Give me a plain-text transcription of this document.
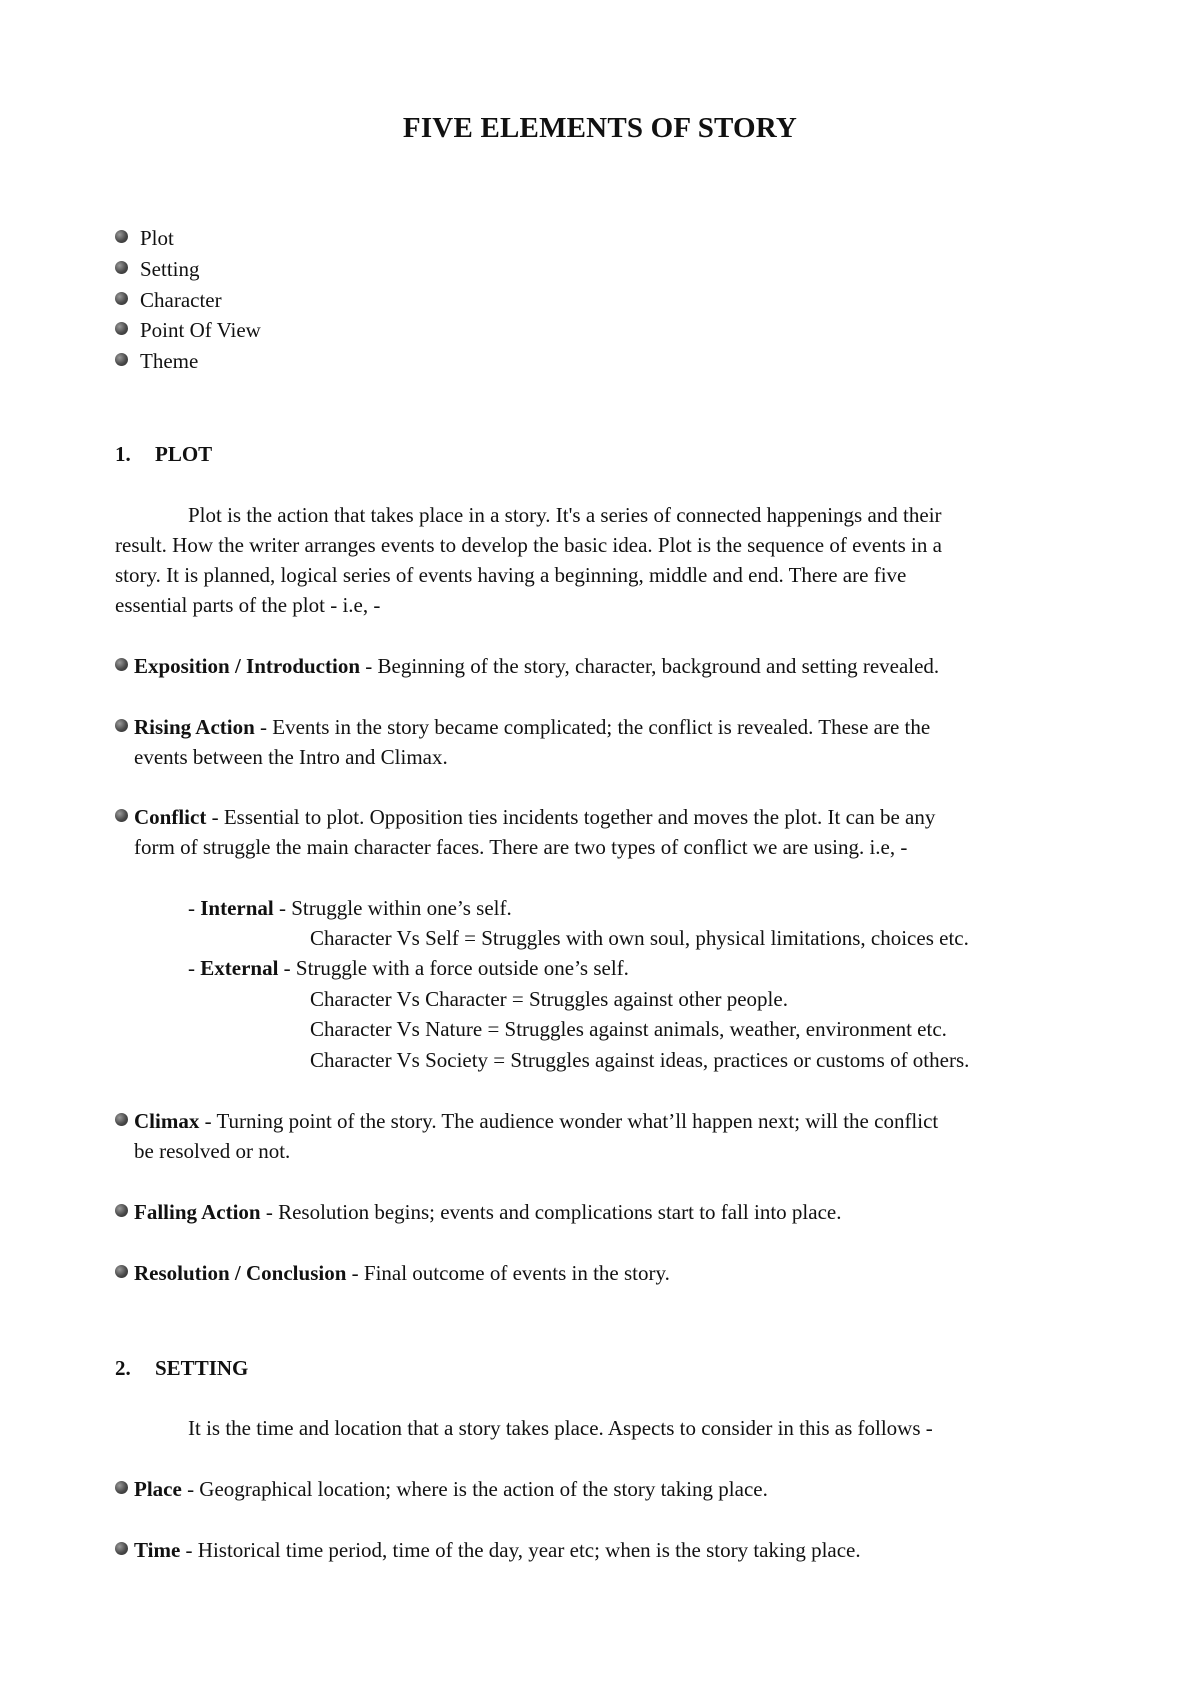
FIVE ELEMENTS OF STORY
Plot
Setting
Character
Point Of View
Theme
1. PLOT
Plot is the action that takes place in a story. It's a series of connected happenings and their
result. How the writer arranges events to develop the basic idea. Plot is the sequence of events in a
story. It is planned, logical series of events having a beginning, middle and end. There are five
essential parts of the plot - i.e, -
Exposition / Introduction - Beginning of the story, character, background and setting revealed.
Rising Action - Events in the story became complicated; the conflict is revealed. These are the
events between the Intro and Climax.
Conflict - Essential to plot. Opposition ties incidents together and moves the plot. It can be any
form of struggle the main character faces. There are two types of conflict we are using. i.e, -
- Internal - Struggle within one’s self.
Character Vs Self = Struggles with own soul, physical limitations, choices etc.
- External - Struggle with a force outside one’s self.
Character Vs Character = Struggles against other people.
Character Vs Nature = Struggles against animals, weather, environment etc.
Character Vs Society = Struggles against ideas, practices or customs of others.
Climax - Turning point of the story. The audience wonder what’ll happen next; will the conflict
be resolved or not.
Falling Action - Resolution begins; events and complications start to fall into place.
Resolution / Conclusion - Final outcome of events in the story.
2. SETTING
It is the time and location that a story takes place. Aspects to consider in this as follows -
Place - Geographical location; where is the action of the story taking place.
Time - Historical time period, time of the day, year etc; when is the story taking place.
